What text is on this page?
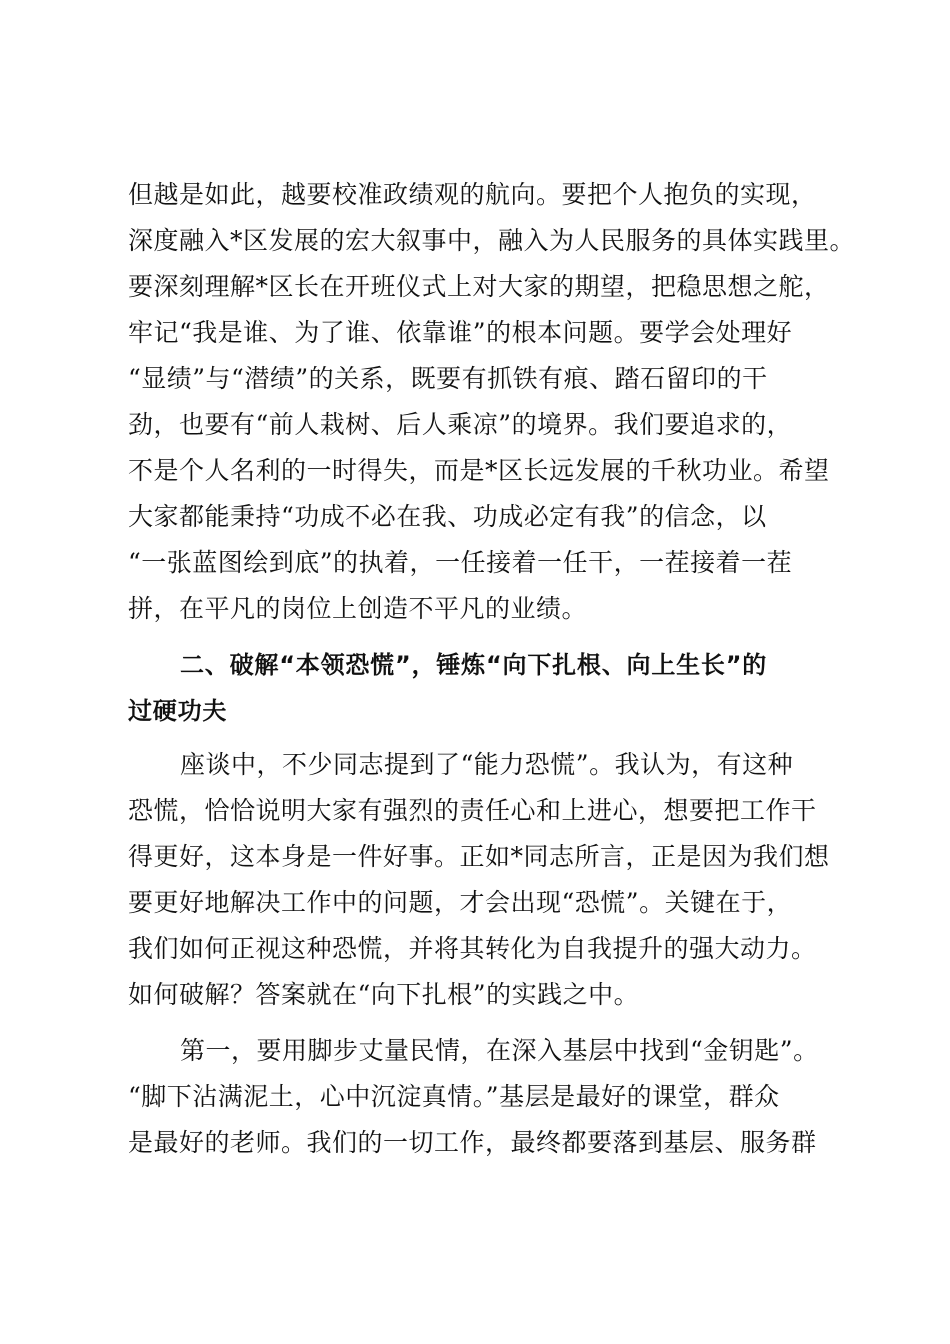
但越是如此，越要校准政绩观的航向。要把个人抱负的实现，
深度融入*区发展的宏大叙事中，融入为人民服务的具体实践里。
要深刻理解*区长在开班仪式上对大家的期望，把稳思想之舵，
牢记“我是谁、为了谁、依靠谁”的根本问题。要学会处理好
“显绩”与“潜绩”的关系，既要有抓铁有痕、踏石留印的干
劲，也要有“前人栽树、后人乘凉”的境界。我们要追求的，
不是个人名利的一时得失，而是*区长远发展的千秋功业。希望
大家都能秉持“功成不必在我、功成必定有我”的信念，以
“一张蓝图绘到底”的执着，一任接着一任干，一茬接着一茬
拼，在平凡的岗位上创造不平凡的业绩。
二、破解“本领恐慌”，锤炼“向下扎根、向上生长”的
过硬功夫
座谈中，不少同志提到了“能力恐慌”。我认为，有这种
恐慌，恰恰说明大家有强烈的责任心和上进心，想要把工作干
得更好，这本身是一件好事。正如*同志所言，正是因为我们想
要更好地解决工作中的问题，才会出现“恐慌”。关键在于，
我们如何正视这种恐慌，并将其转化为自我提升的强大动力。
如何破解？答案就在“向下扎根”的实践之中。
第一，要用脚步丈量民情，在深入基层中找到“金钥匙”。
“脚下沾满泥土，心中沉淀真情。”基层是最好的课堂，群众
是最好的老师。我们的一切工作，最终都要落到基层、服务群
